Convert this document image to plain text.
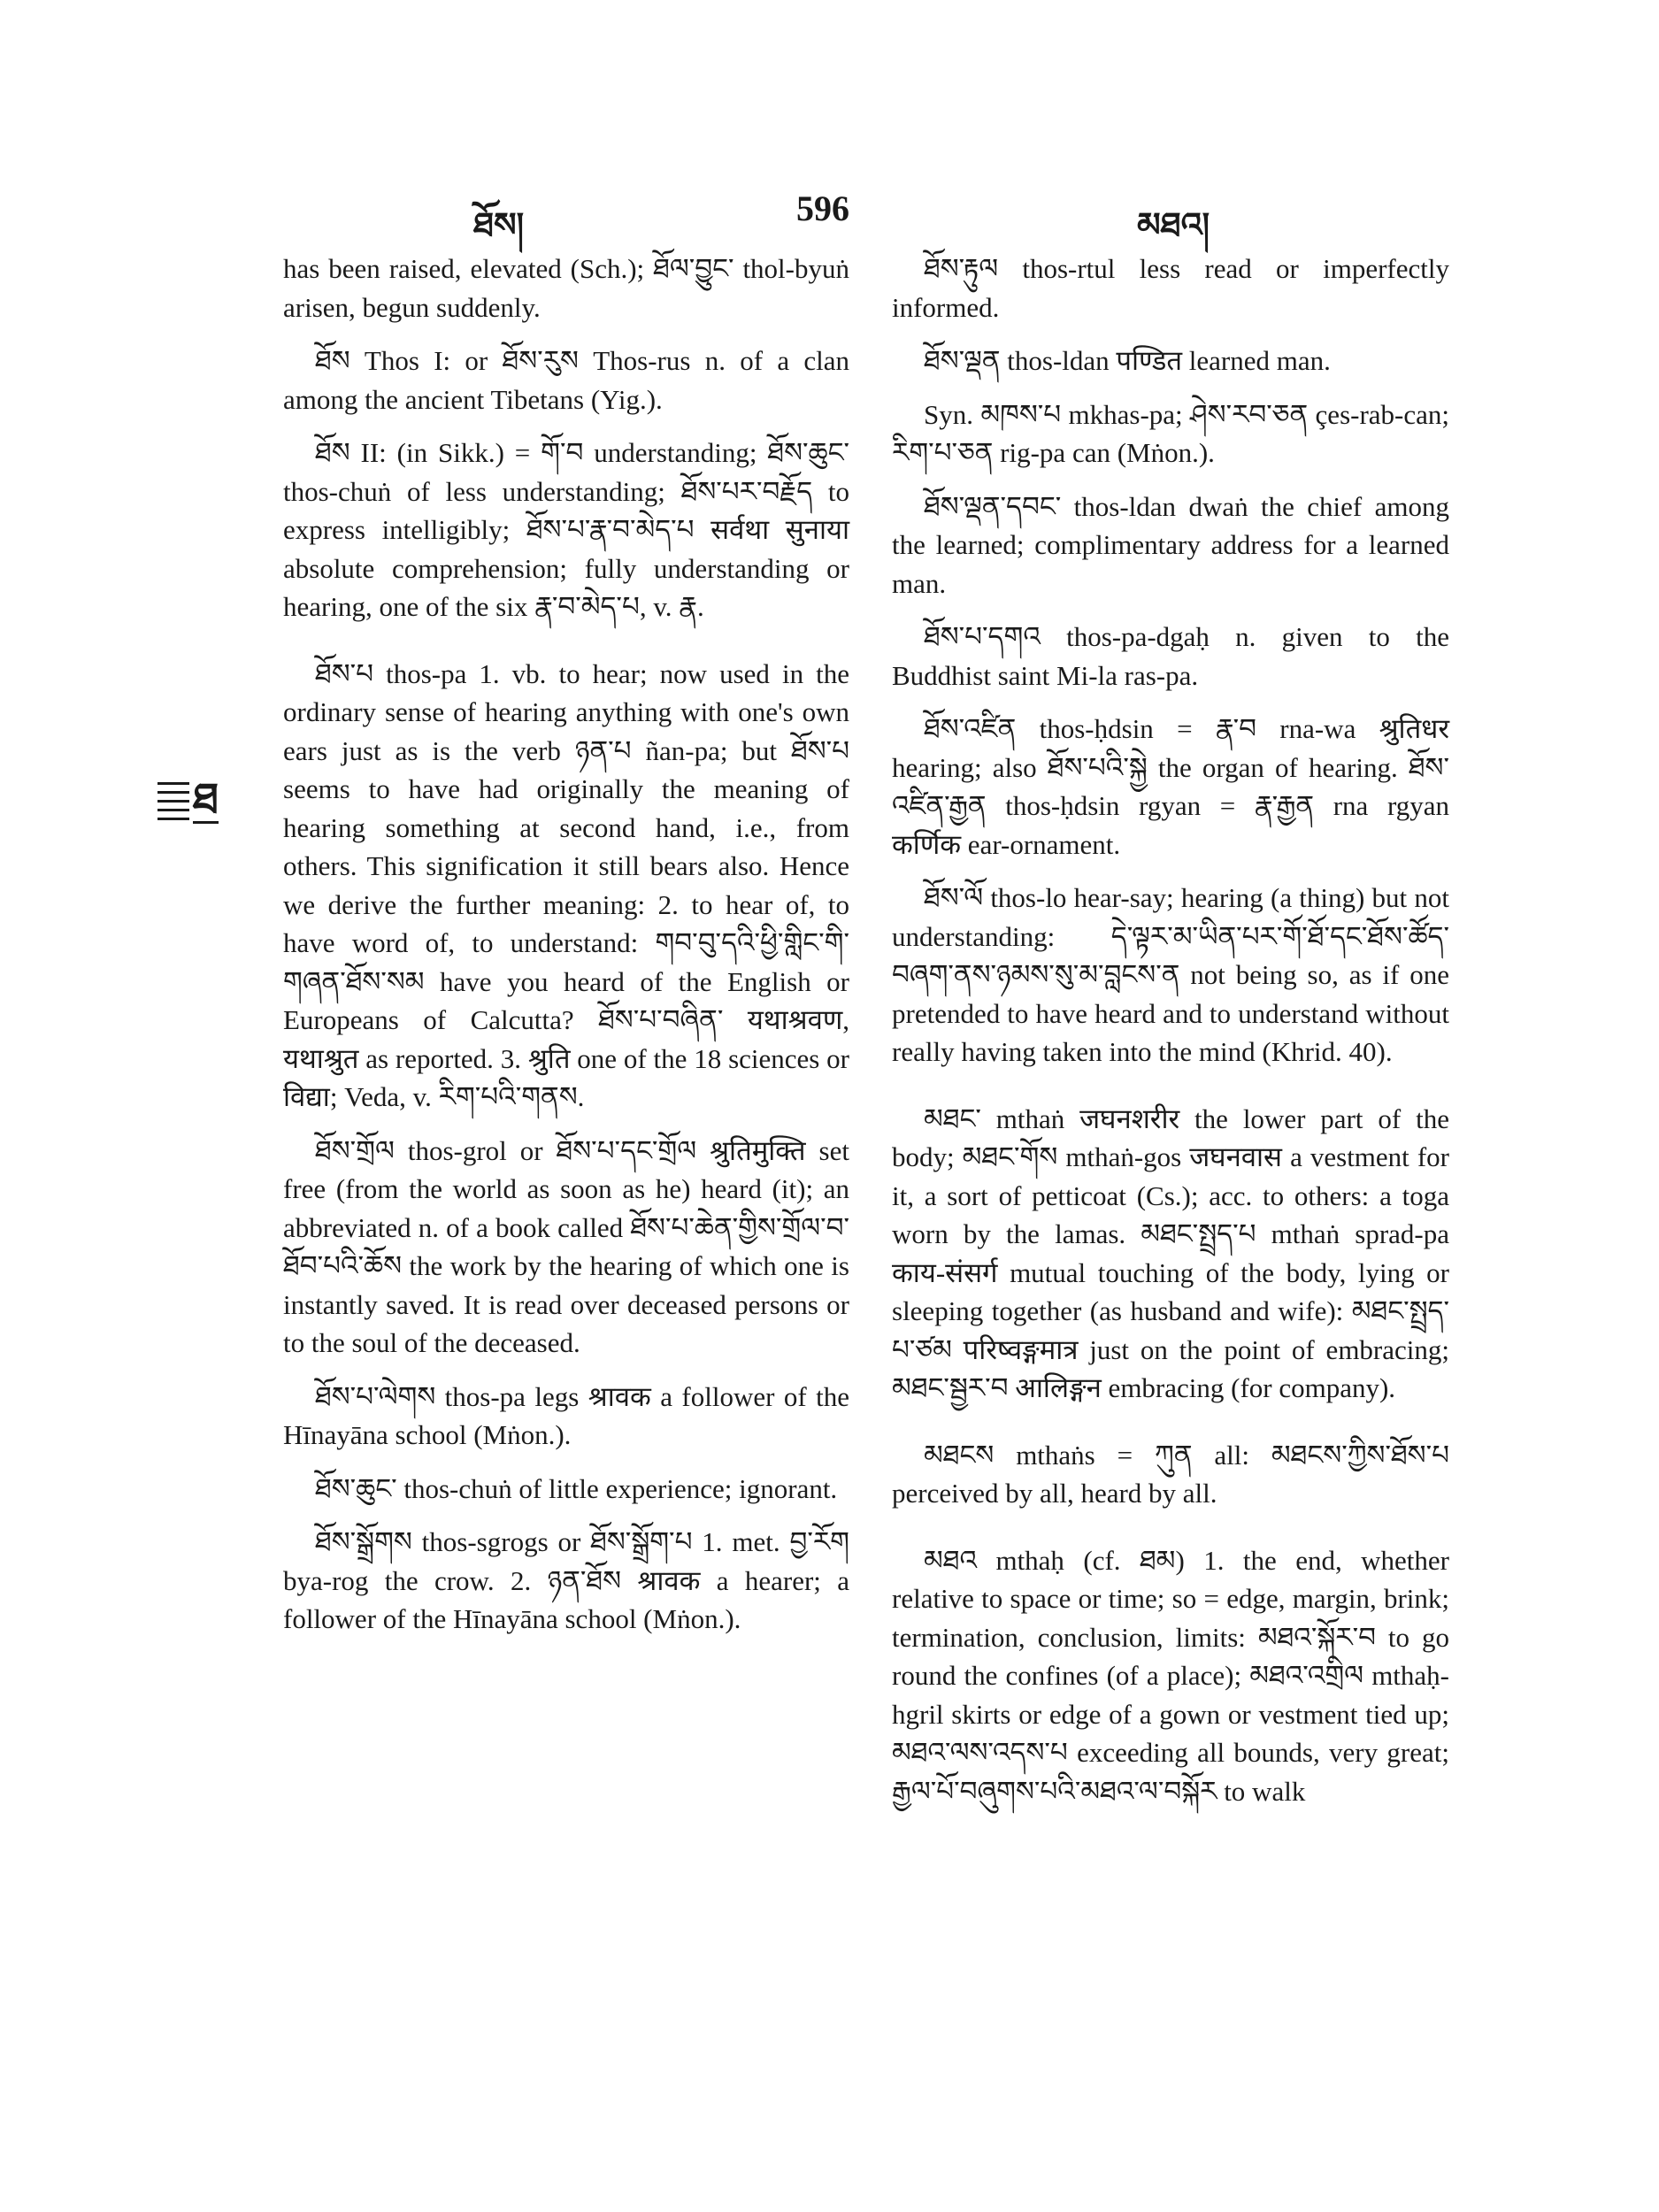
ཐོས།	596	མཐའ།
ཐ

has been raised, elevated (Sch.); ཐོལ་བྱུང་ thol-byuṅ arisen, begun suddenly.

ཐོས Thos I: or ཐོས་རུས Thos-rus n. of a clan among the ancient Tibetans (Yig.).

ཐོས II: (in Sikk.) = གོ་བ understanding; ཐོས་ཆུང་ thos-chuṅ of less understanding; ཐོས་པར་བརྗོད to express intelligibly; ཐོས་པ་རྣ་བ་མེད་པ सर्वथा सुनाया absolute comprehension; fully understanding or hearing, one of the six རྣ་བ་མེད་པ, v. རྣ.

ཐོས་པ thos-pa 1. vb. to hear; now used in the ordinary sense of hearing anything with one's own ears just as is the verb ཉན་པ ñan-pa; but ཐོས་པ seems to have had originally the meaning of hearing something at second hand, i.e., from others. This signification it still bears also. Hence we derive the further meaning: 2. to hear of, to have word of, to understand: གབ་བུ་དའི་ཕྱི་གླིང་གི་གཞན་ཐོས་སམ have you heard of the English or Europeans of Calcutta? ཐོས་པ་བཞིན་ यथाश्रवण, यथाश्रुत as reported. 3. श्रुति one of the 18 sciences or विद्या; Veda, v. རིག་པའི་གནས.

ཐོས་གྲོལ thos-grol or ཐོས་པ་དང་གྲོལ श्रुतिमुक्ति set free (from the world as soon as he) heard (it); an abbreviated n. of a book called ཐོས་པ་ཆེན་གྱིས་གྲོལ་བ་ཐོབ་པའི་ཆོས the work by the hearing of which one is instantly saved. It is read over deceased persons or to the soul of the deceased.

ཐོས་པ་ལེགས thos-pa legs श्रावक a follower of the Hīnayāna school (Mṅon.).

ཐོས་ཆུང་ thos-chuṅ of little experience; ignorant.

ཐོས་སྒྲོགས thos-sgrogs or ཐོས་སྒྲོག་པ 1. met. བྱ་རོག bya-rog the crow. 2. ཉན་ཐོས श्रावक a hearer; a follower of the Hīnayāna school (Mṅon.).

ཐོས་རྟུལ thos-rtul less read or imperfectly informed.

ཐོས་ལྡན thos-ldan पण्डित learned man.

Syn. མཁས་པ mkhas-pa; ཤེས་རབ་ཅན çes-rab-can; རིག་པ་ཅན rig-pa can (Mṅon.).

ཐོས་ལྡན་དབང་ thos-ldan dwaṅ the chief among the learned; complimentary address for a learned man.

ཐོས་པ་དགའ thos-pa-dgaḥ n. given to the Buddhist saint Mi-la ras-pa.

ཐོས་འཛིན thos-ḥdsin = རྣ་བ rna-wa श्रुतिधर hearing; also ཐོས་པའི་སྐྱེ the organ of hearing. ཐོས་འཛིན་རྒྱན thos-ḥdsin rgyan = རྣ་རྒྱན rna rgyan कर्णिक ear-ornament.

ཐོས་ལོ thos-lo hear-say; hearing (a thing) but not understanding: དེ་ལྟར་མ་ཡིན་པར་གོ་ཐོ་དང་ཐོས་ཚོད་བཞག་ནས་ཉམས་སུ་མ་བླངས་ན not being so, as if one pretended to have heard and to understand without really having taken into the mind (Khrid. 40).

མཐང་ mthaṅ जघनशरीर the lower part of the body; མཐང་གོས mthaṅ-gos जघनवास a vestment for it, a sort of petticoat (Cs.); acc. to others: a toga worn by the lamas. མཐང་སྤྲད་པ mthaṅ sprad-pa काय-संसर्ग mutual touching of the body, lying or sleeping together (as husband and wife): མཐང་སྤྲད་པ་ཙམ परिष्वङ्गमात्र just on the point of embracing; མཐང་སྦྱར་བ आलिङ्गन embracing (for company).

མཐངས mthaṅs = ཀུན all: མཐངས་ཀྱིས་ཐོས་པ perceived by all, heard by all.

མཐའ mthaḥ (cf. ཐམ) 1. the end, whether relative to space or time; so = edge, margin, brink; termination, conclusion, limits: མཐའ་སྐོར་བ to go round the confines (of a place); མཐའ་འགྲིལ mthaḥ-hgril skirts or edge of a gown or vestment tied up; མཐའ་ལས་འདས་པ exceeding all bounds, very great; རྒྱལ་པོ་བཞུགས་པའི་མཐའ་ལ་བསྐོར to walk
